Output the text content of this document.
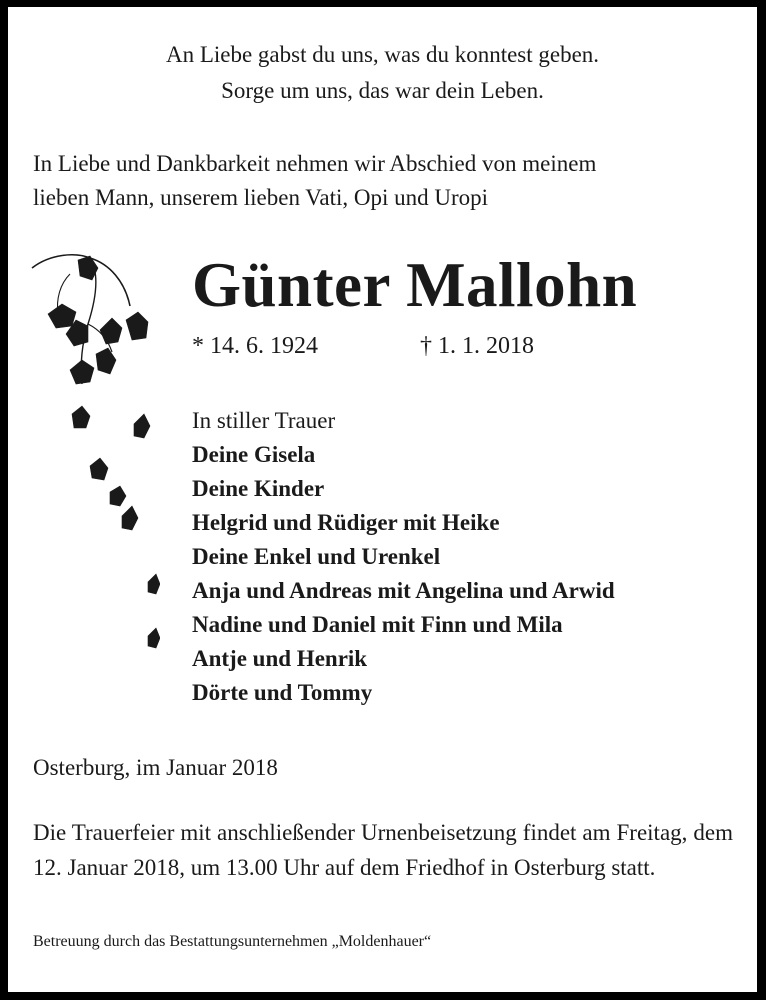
An Liebe gabst du uns, was du konntest geben.
Sorge um uns, das war dein Leben.
In Liebe und Dankbarkeit nehmen wir Abschied von meinem
lieben Mann, unserem lieben Vati, Opi und Uropi
Günter Mallohn
* 14. 6. 1924	† 1. 1. 2018
In stiller Trauer
Deine Gisela
Deine Kinder
Helgrid und Rüdiger mit Heike
Deine Enkel und Urenkel
Anja und Andreas mit Angelina und Arwid
Nadine und Daniel mit Finn und Mila
Antje und Henrik
Dörte und Tommy
Osterburg, im Januar 2018

Die Trauerfeier mit anschließender Urnenbeisetzung findet am Freitag, dem 12. Januar 2018, um 13.00 Uhr auf dem Friedhof in Osterburg statt.

Betreuung durch das Bestattungsunternehmen „Moldenhauer“
